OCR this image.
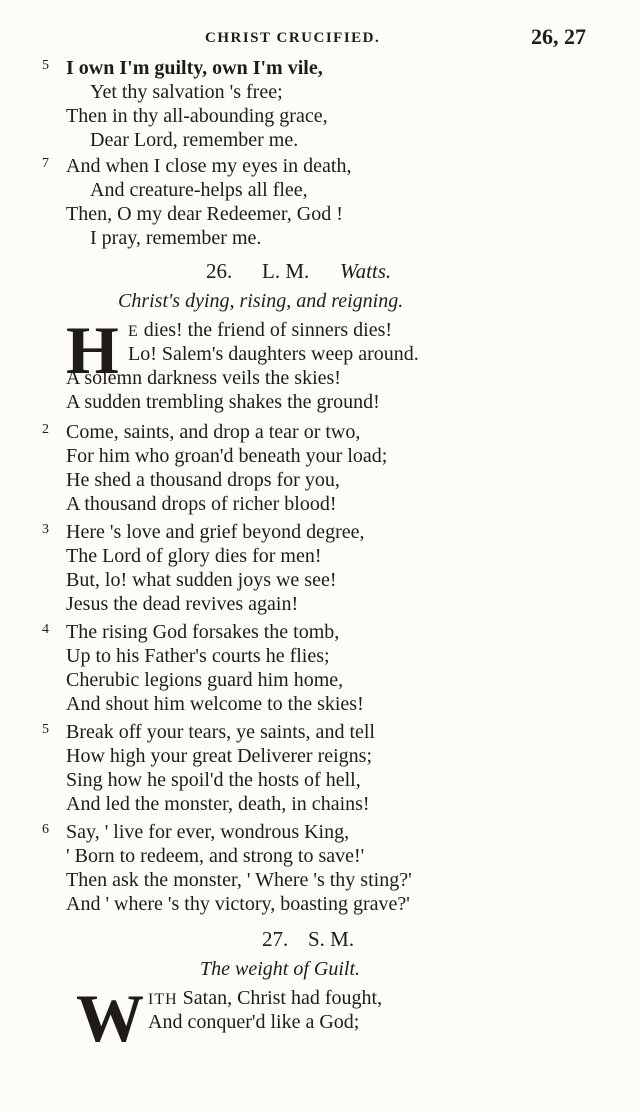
CHRIST CRUCIFIED.	26, 27
5 I own I'm guilty, own I'm vile,
Yet thy salvation 's free;
Then in thy all-abounding grace,
Dear Lord, remember me.
7 And when I close my eyes in death,
And creature-helps all flee,
Then, O my dear Redeemer, God !
I pray, remember me.
26. L. M. Watts.
Christ's dying, rising, and reigning.
H E dies! the friend of sinners dies!
Lo! Salem's daughters weep around.
A solemn darkness veils the skies!
A sudden trembling shakes the ground!
2 Come, saints, and drop a tear or two,
For him who groan'd beneath your load;
He shed a thousand drops for you,
A thousand drops of richer blood!
3 Here 's love and grief beyond degree,
The Lord of glory dies for men!
But, lo! what sudden joys we see!
Jesus the dead revives again!
4 The rising God forsakes the tomb,
Up to his Father's courts he flies;
Cherubic legions guard him home,
And shout him welcome to the skies!
5 Break off your tears, ye saints, and tell
How high your great Deliverer reigns;
Sing how he spoil'd the hosts of hell,
And led the monster, death, in chains!
6 Say, ' live for ever, wondrous King,
' Born to redeem, and strong to save!'
Then ask the monster, ' Where 's thy sting?'
And ' where 's thy victory, boasting grave?'
27. S. M.
The weight of Guilt.
W ITH Satan, Christ had fought,
And conquer'd like a God;
